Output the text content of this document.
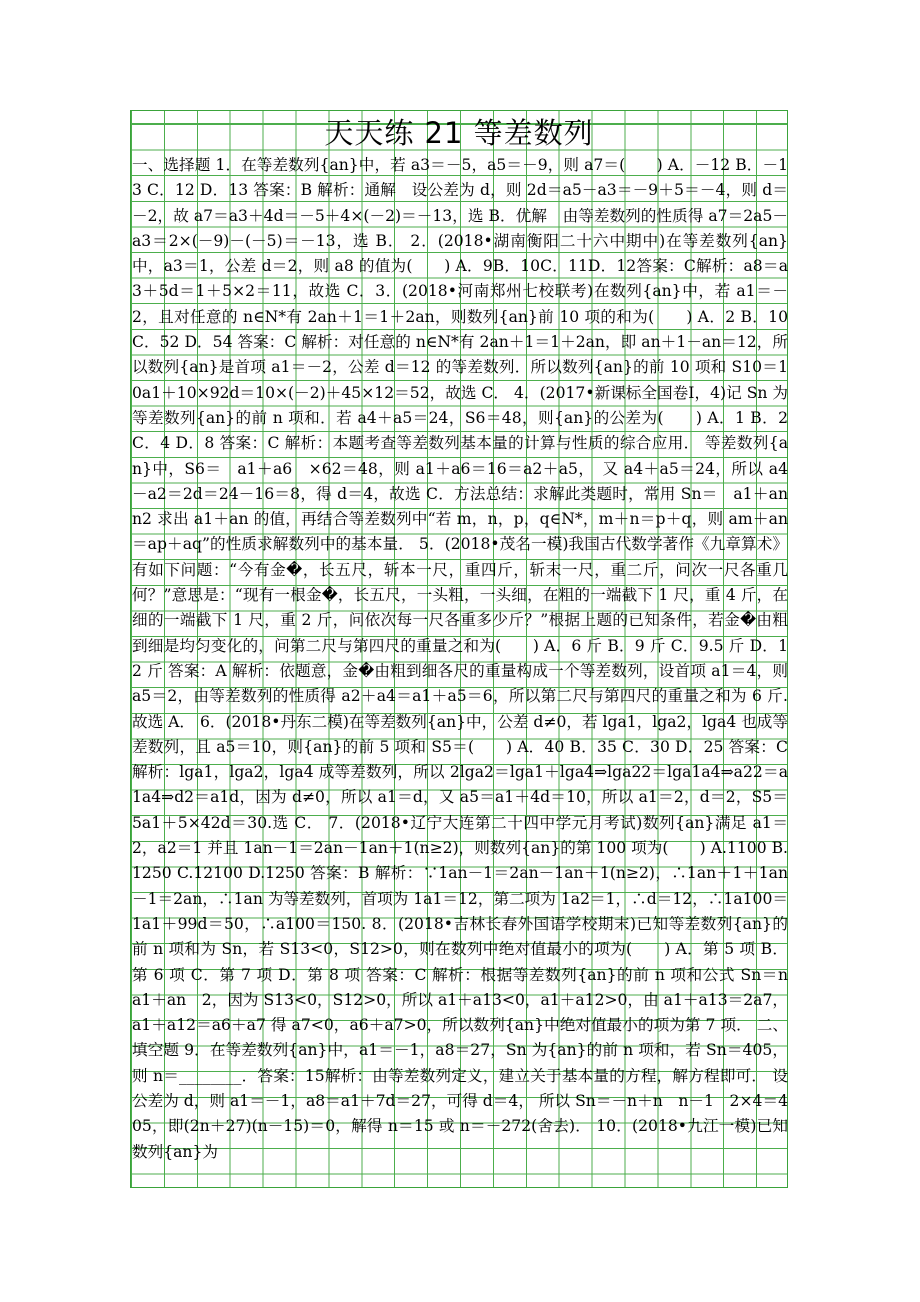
天天练 21 等差数列

一、选择题 1．在等差数列{an}中，若 a3＝－5，a5＝－9，则 a7＝(　　) A．－12 B．－13 C．12 D．13 答案：B 解析：通解　设公差为 d，则 2d＝a5－a3＝－9＋5＝－4，则 d＝－2，故 a7＝a3＋4d＝－5＋4×(－2)＝－13，选 B．优解　由等差数列的性质得 a7＝2a5－a3＝2×(－9)－(－5)＝－13，选 B． 2．(2018•湖南衡阳二十六中期中)在等差数列{an}中，a3＝1，公差 d＝2，则 a8 的值为(　　) A．9B．10C．11D．12答案：C解析：a8＝a3＋5d＝1＋5×2＝11，故选 C．3．(2018•河南郑州七校联考)在数列{an}中，若 a1＝－2，且对任意的 n∈N*有 2an＋1＝1＋2an，则数列{an}前 10 项的和为(　　) A．2 B．10 C．52 D．54 答案：C 解析：对任意的 n∈N*有 2an＋1＝1＋2an，即 an＋1－an＝12，所以数列{an}是首项 a1＝－2，公差 d＝12 的等差数列．所以数列{an}的前 10 项和 S10＝10a1＋10×92d＝10×(－2)＋45×12＝52，故选 C． 4．(2017•新课标全国卷Ⅰ，4)记 Sn 为等差数列{an}的前 n 项和．若 a4＋a5＝24，S6＝48，则{an}的公差为(　　) A．1 B．2 C．4 D．8 答案：C 解析：本题考查等差数列基本量的计算与性质的综合应用． 等差数列{an}中，S6＝　a1＋a6　×62＝48，则 a1＋a6＝16＝a2＋a5，　又 a4＋a5＝24，所以 a4－a2＝2d＝24－16＝8，得 d＝4，故选 C．方法总结：求解此类题时，常用 Sn＝　a1＋an　n2 求出 a1＋an 的值，再结合等差数列中“若 m，n，p，q∈N*，m＋n＝p＋q，则 am＋an＝ap＋aq”的性质求解数列中的基本量． 5．(2018•茂名一模)我国古代数学著作《九章算术》有如下问题：“今有金�，长五尺，斩本一尺，重四斤，斩末一尺，重二斤，问次一尺各重几何？”意思是：“现有一根金�，长五尺，一头粗，一头细，在粗的一端截下 1 尺，重 4 斤，在细的一端截下 1 尺，重 2 斤，问依次每一尺各重多少斤？”根据上题的已知条件，若金�由粗到细是均匀变化的，问第二尺与第四尺的重量之和为(　　) A．6 斤 B．9 斤 C．9.5 斤 D．12 斤 答案：A 解析：依题意，金�由粗到细各尺的重量构成一个等差数列，设首项 a1＝4，则 a5＝2，由等差数列的性质得 a2＋a4＝a1＋a5＝6，所以第二尺与第四尺的重量之和为 6 斤.故选 A． 6．(2018•丹东二模)在等差数列{an}中，公差 d≠0，若 lga1，lga2，lga4 也成等差数列，且 a5＝10，则{an}的前 5 项和 S5＝(　　) A．40 B．35 C．30 D．25 答案：C 解析：lga1，lga2，lga4 成等差数列，所以 2lga2＝lga1＋lga4⇒lga22＝lga1a4⇒a22＝a1a4⇒d2＝a1d，因为 d≠0，所以 a1＝d，又 a5＝a1＋4d＝10，所以 a1＝2，d＝2，S5＝5a1＋5×42d＝30.选 C． 7．(2018•辽宁大连第二十四中学元月考试)数列{an}满足 a1＝2，a2＝1 并且 1an－1＝2an－1an＋1(n≥2)，则数列{an}的第 100 项为(　　) A.1100 B.1250 C.12100 D.1250 答案：B 解析：∵1an－1＝2an－1an＋1(n≥2)，∴1an＋1＋1an－1＝2an，∴1an 为等差数列，首项为 1a1＝12，第二项为 1a2＝1，∴d＝12，∴1a100＝1a1＋99d＝50，∴a100＝150. 8．(2018•吉林长春外国语学校期末)已知等差数列{an}的前 n 项和为 Sn，若 S13<0，S12>0，则在数列中绝对值最小的项为(　　) A．第 5 项 B．第 6 项 C．第 7 项 D．第 8 项 答案：C 解析：根据等差数列{an}的前 n 项和公式 Sn＝n　a1＋an　2，因为 S13<0，S12>0，所以 a1＋a13<0，a1＋a12>0，由 a1＋a13＝2a7，a1＋a12＝a6＋a7 得 a7<0，a6＋a7>0，所以数列{an}中绝对值最小的项为第 7 项． 二、填空题 9．在等差数列{an}中，a1＝－1，a8＝27，Sn 为{an}的前 n 项和，若 Sn＝405，则 n＝________．答案：15解析：由等差数列定义，建立关于基本量的方程，解方程即可． 设公差为 d，则 a1＝－1，a8＝a1＋7d＝27，可得 d＝4， 所以 Sn＝－n＋n　n－1　2×4＝405，即(2n＋27)(n－15)＝0，解得 n＝15 或 n＝－272(舍去)． 10．(2018•九江一模)已知数列{an}为
